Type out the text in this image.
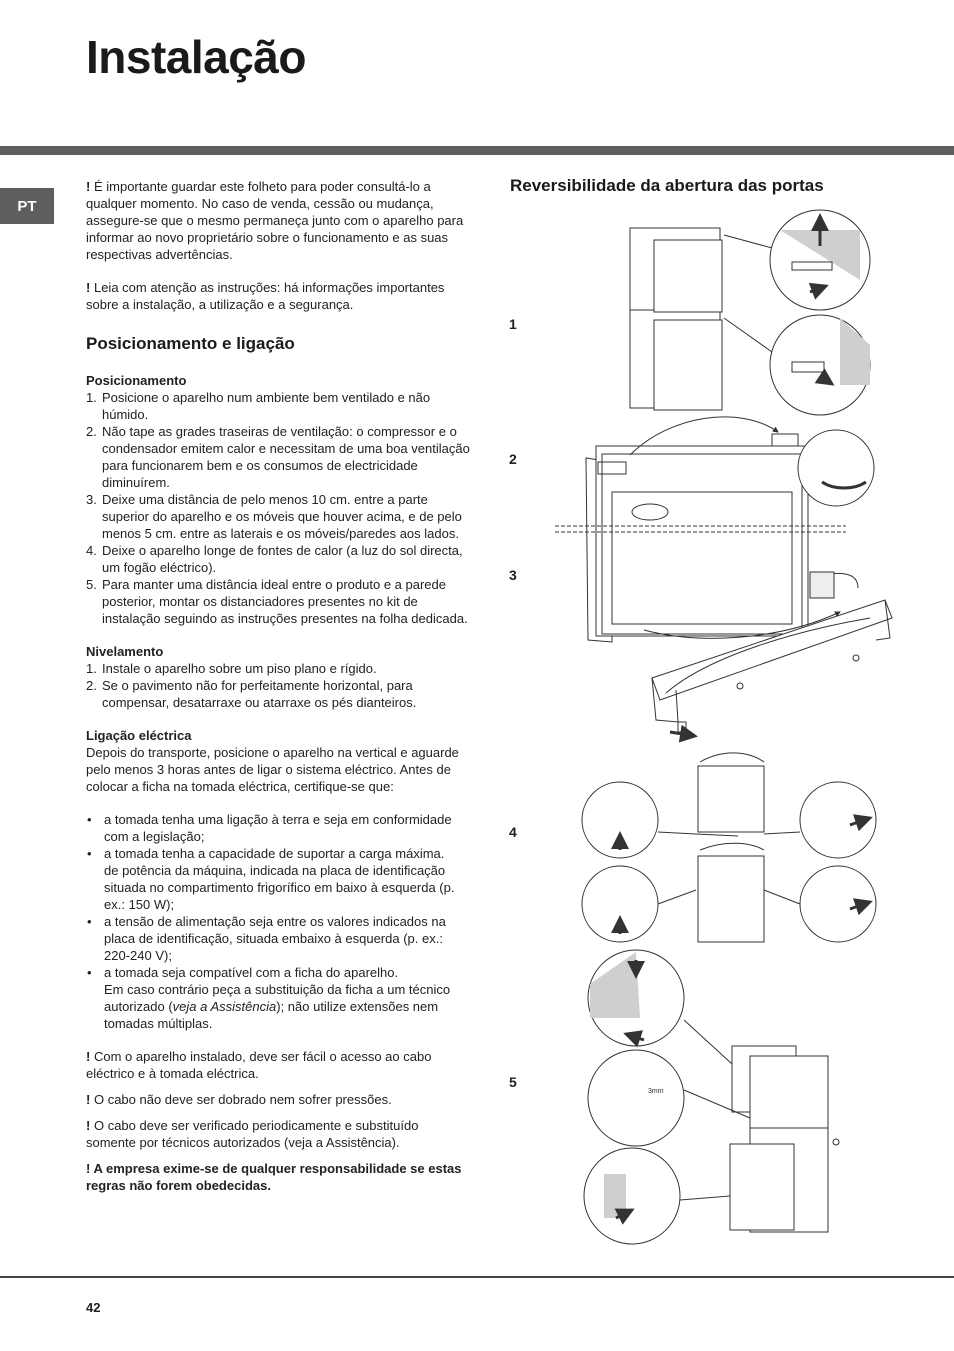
Instalação
PT

! É importante guardar este folheto para poder consultá-lo a qualquer momento. No caso de venda, cessão ou mudança, assegure-se que o mesmo permaneça junto com o aparelho para informar ao novo proprietário sobre o funcionamento e as suas respectivas advertências.

! Leia com atenção as instruções: há informações importantes sobre a instalação, a utilização e a segurança.

Posicionamento e ligação

Posicionamento

1. Posicione o aparelho num ambiente bem ventilado e não húmido.
2. Não tape as grades traseiras de ventilação: o compressor e o condensador emitem calor e necessitam de uma boa ventilação para funcionarem bem e os consumos de electricidade diminuírem.
3. Deixe uma distância de pelo menos 10 cm. entre a parte superior do aparelho e os móveis que houver acima, e de pelo menos 5 cm. entre as laterais e os móveis/paredes aos lados.
4. Deixe o aparelho longe de fontes de calor (a luz do sol directa, um fogão eléctrico).
5. Para manter uma distância ideal entre o produto e a parede posterior, montar os distanciadores presentes no kit de instalação seguindo as instruções presentes na folha dedicada.

Nivelamento

1. Instale o aparelho sobre um piso plano e rígido.
2. Se o pavimento não for perfeitamente horizontal, para compensar, desatarraxe ou atarraxe os pés dianteiros.

Ligação eléctrica

Depois do transporte, posicione o aparelho na vertical e aguarde pelo menos 3 horas antes de ligar o sistema eléctrico. Antes de colocar a ficha na tomada eléctrica, certifique-se que:

• a tomada tenha uma ligação à terra e seja em conformidade com a legislação;
• a tomada tenha a capacidade de suportar a carga máxima.
de potência da máquina, indicada na placa de identificação situada no compartimento frigorífico em baixo à esquerda (p. ex.: 150 W);
• a tensão de alimentação seja entre os valores indicados na placa de identificação, situada embaixo à esquerda (p. ex.: 220-240 V);
• a tomada seja compatível com a ficha do aparelho.
Em caso contrário peça a substituição da ficha a um técnico autorizado (veja a Assistência); não utilize extensões nem tomadas múltiplas.

! Com o aparelho instalado, deve ser fácil o acesso ao cabo eléctrico e à tomada eléctrica.

! O cabo não deve ser dobrado nem sofrer pressões.

! O cabo deve ser verificado periodicamente e substituído somente por técnicos autorizados (veja a Assistência).

! A empresa exime-se de qualquer responsabilidade se estas regras não forem obedecidas.

Reversibilidade da abertura das portas
1
2
3
4
5
3mm
42
